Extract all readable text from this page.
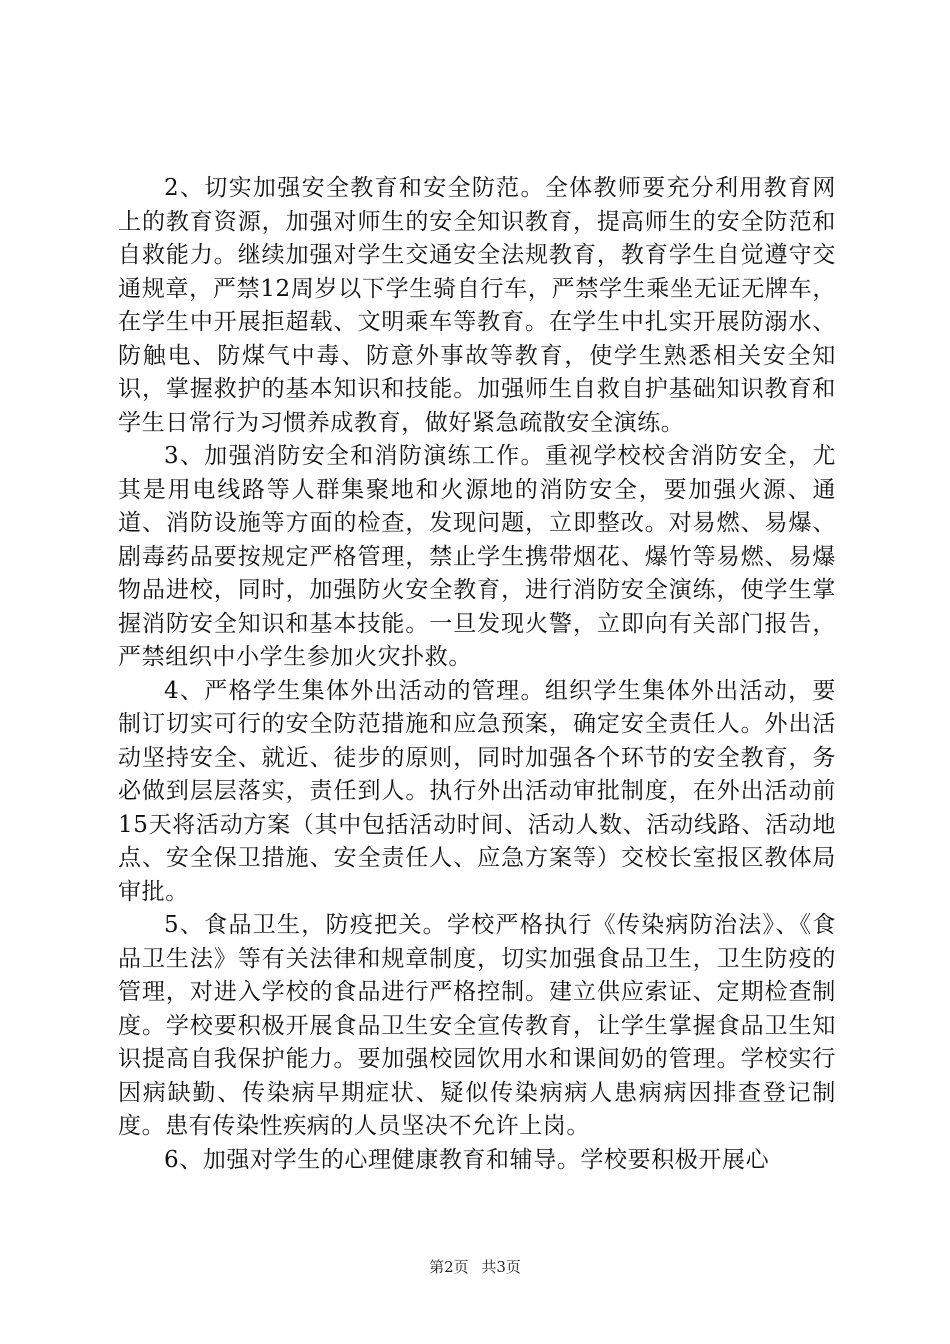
2、切实加强安全教育和安全防范。全体教师要充分利用教育网上的教育资源，加强对师生的安全知识教育，提高师生的安全防范和自救能力。继续加强对学生交通安全法规教育，教育学生自觉遵守交通规章，严禁12周岁以下学生骑自行车，严禁学生乘坐无证无牌车，在学生中开展拒超载、文明乘车等教育。在学生中扎实开展防溺水、防触电、防煤气中毒、防意外事故等教育，使学生熟悉相关安全知识，掌握救护的基本知识和技能。加强师生自救自护基础知识教育和学生日常行为习惯养成教育，做好紧急疏散安全演练。

3、加强消防安全和消防演练工作。重视学校校舍消防安全，尤其是用电线路等人群集聚地和火源地的消防安全，要加强火源、通道、消防设施等方面的检查，发现问题，立即整改。对易燃、易爆、剧毒药品要按规定严格管理，禁止学生携带烟花、爆竹等易燃、易爆物品进校，同时，加强防火安全教育，进行消防安全演练，使学生掌握消防安全知识和基本技能。一旦发现火警，立即向有关部门报告，严禁组织中小学生参加火灾扑救。

4、严格学生集体外出活动的管理。组织学生集体外出活动，要制订切实可行的安全防范措施和应急预案，确定安全责任人。外出活动坚持安全、就近、徒步的原则，同时加强各个环节的安全教育，务必做到层层落实，责任到人。执行外出活动审批制度，在外出活动前15天将活动方案（其中包括活动时间、活动人数、活动线路、活动地点、安全保卫措施、安全责任人、应急方案等）交校长室报区教体局审批。

5、食品卫生，防疫把关。学校严格执行《传染病防治法》、《食品卫生法》等有关法律和规章制度，切实加强食品卫生，卫生防疫的管理，对进入学校的食品进行严格控制。建立供应索证、定期检查制度。学校要积极开展食品卫生安全宣传教育，让学生掌握食品卫生知识提高自我保护能力。要加强校园饮用水和课间奶的管理。学校实行因病缺勤、传染病早期症状、疑似传染病病人患病病因排查登记制度。患有传染性疾病的人员坚决不允许上岗。

6、加强对学生的心理健康教育和辅导。学校要积极开展心

第2页 共3页
